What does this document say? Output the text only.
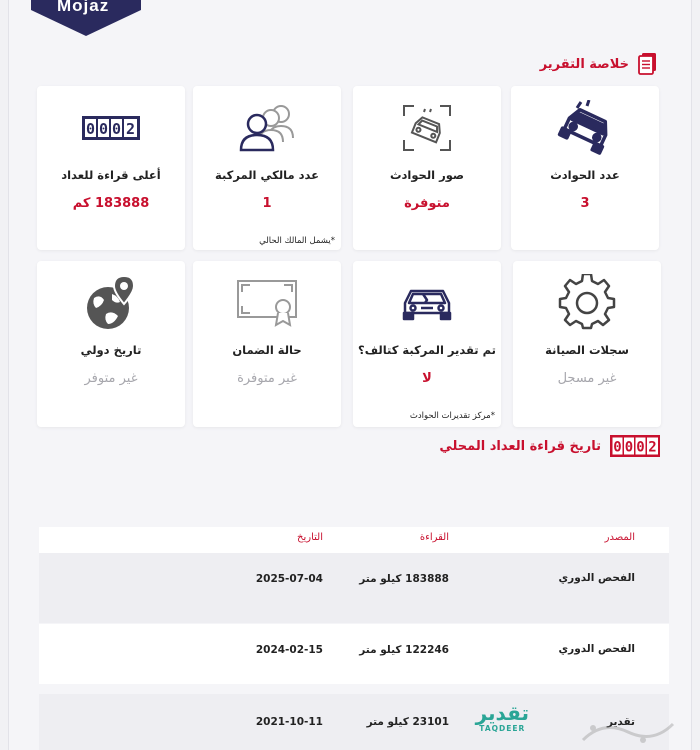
Mojaz
خلاصة التقرير
عدد الحوادث
3
صور الحوادث
متوفرة
عدد مالكي المركبة
1
*يشمل المالك الحالي
0 0 0 2
أعلى قراءة للعداد
183888 كم
سجلات الصيانة
غير مسجل
تم تقدير المركبة كتالف؟
لا
*مركز تقديرات الحوادث
حالة الضمان
غير متوفرة
تاريخ دولي
غير متوفر
0 0 0 2
تاريخ قراءة العداد المحلي
المصدر
القراءة
التاريخ
الفحص الدوري
183888 كيلو متر
2025-07-04
الفحص الدوري
122246 كيلو متر
2024-02-15
تقدير
تقدير
TAQDEER
23101 كيلو متر
2021-10-11
